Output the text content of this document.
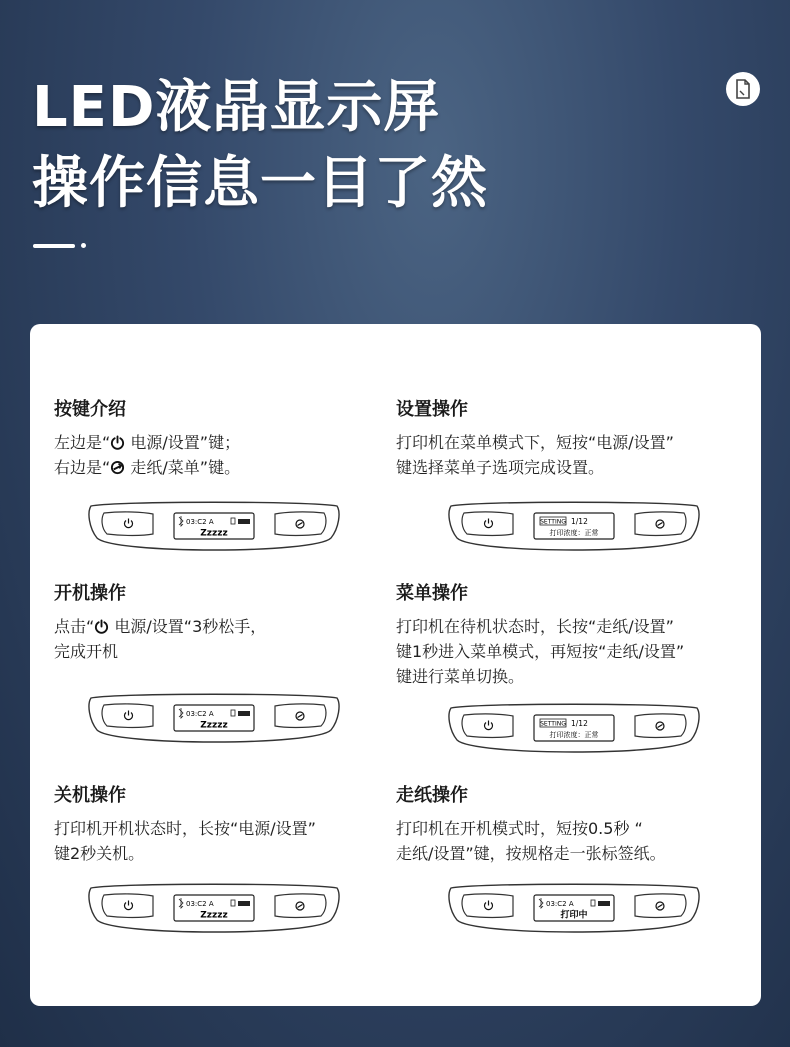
LED液晶显示屏
操作信息一目了然
按键介绍
左边是“ 电源/设置”键；
右边是“ 走纸/菜单”键。
03:C2 A
Zzzzz
设置操作
打印机在菜单模式下，短按“电源/设置”
键选择菜单子选项完成设置。
SETTING 1/12
打印浓度：正常
开机操作
点击“ 电源/设置“3秒松手，
完成开机
03:C2 A
Zzzzz
菜单操作
打印机在待机状态时，长按“走纸/设置”
键1秒进入菜单模式，再短按“走纸/设置”
键进行菜单切换。
SETTING 1/12
打印浓度：正常
关机操作
打印机开机状态时，长按“电源/设置”
键2秒关机。
03:C2 A
Zzzzz
走纸操作
打印机在开机模式时，短按0.5秒 “
走纸/设置”键，按规格走一张标签纸。
03:C2 A
打印中
